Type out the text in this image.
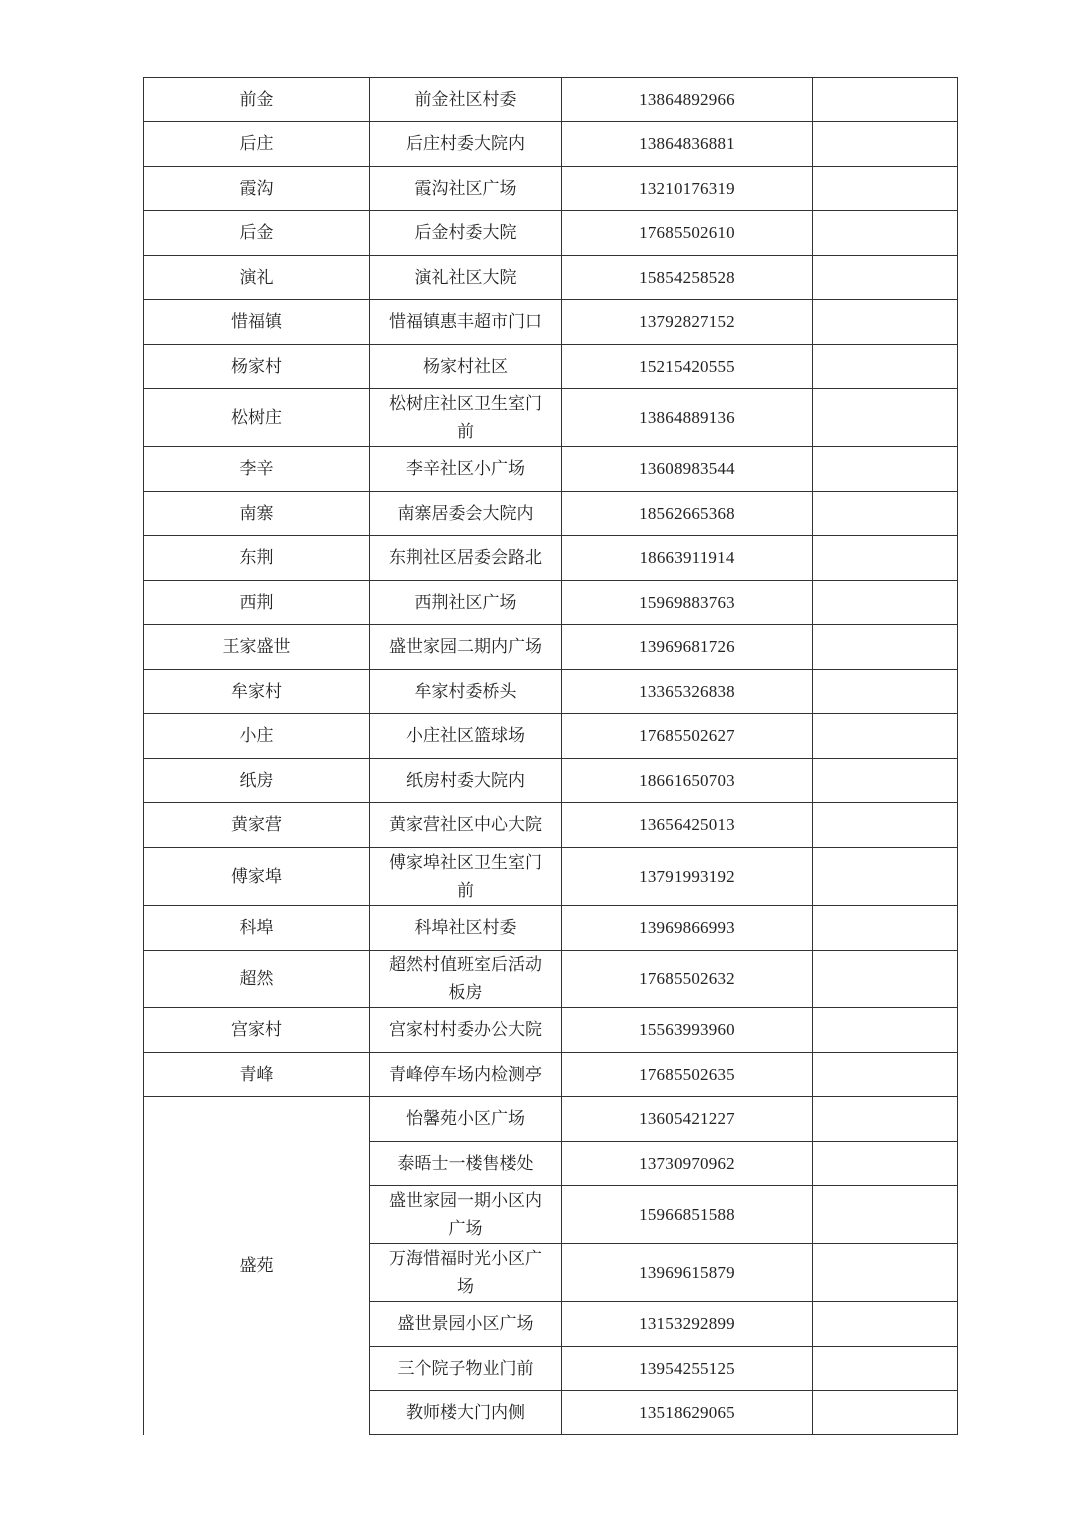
前金	前金社区村委	13864892966	
后庄	后庄村委大院内	13864836881	
霞沟	霞沟社区广场	13210176319	
后金	后金村委大院	17685502610	
演礼	演礼社区大院	15854258528	
惜福镇	惜福镇惠丰超市门口	13792827152	
杨家村	杨家村社区	15215420555	
松树庄	松树庄社区卫生室门前	13864889136	
李辛	李辛社区小广场	13608983544	
南寨	南寨居委会大院内	18562665368	
东荆	东荆社区居委会路北	18663911914	
西荆	西荆社区广场	15969883763	
王家盛世	盛世家园二期内广场	13969681726	
牟家村	牟家村委桥头	13365326838	
小庄	小庄社区篮球场	17685502627	
纸房	纸房村委大院内	18661650703	
黄家营	黄家营社区中心大院	13656425013	
傅家埠	傅家埠社区卫生室门前	13791993192	
科埠	科埠社区村委	13969866993	
超然	超然村值班室后活动板房	17685502632	
宫家村	宫家村村委办公大院	15563993960	
青峰	青峰停车场内检测亭	17685502635	
盛苑	怡馨苑小区广场	13605421227	
	泰晤士一楼售楼处	13730970962	
	盛世家园一期小区内广场	15966851588	
	万海惜福时光小区广场	13969615879	
	盛世景园小区广场	13153292899	
	三个院子物业门前	13954255125	
	教师楼大门内侧	13518629065	
